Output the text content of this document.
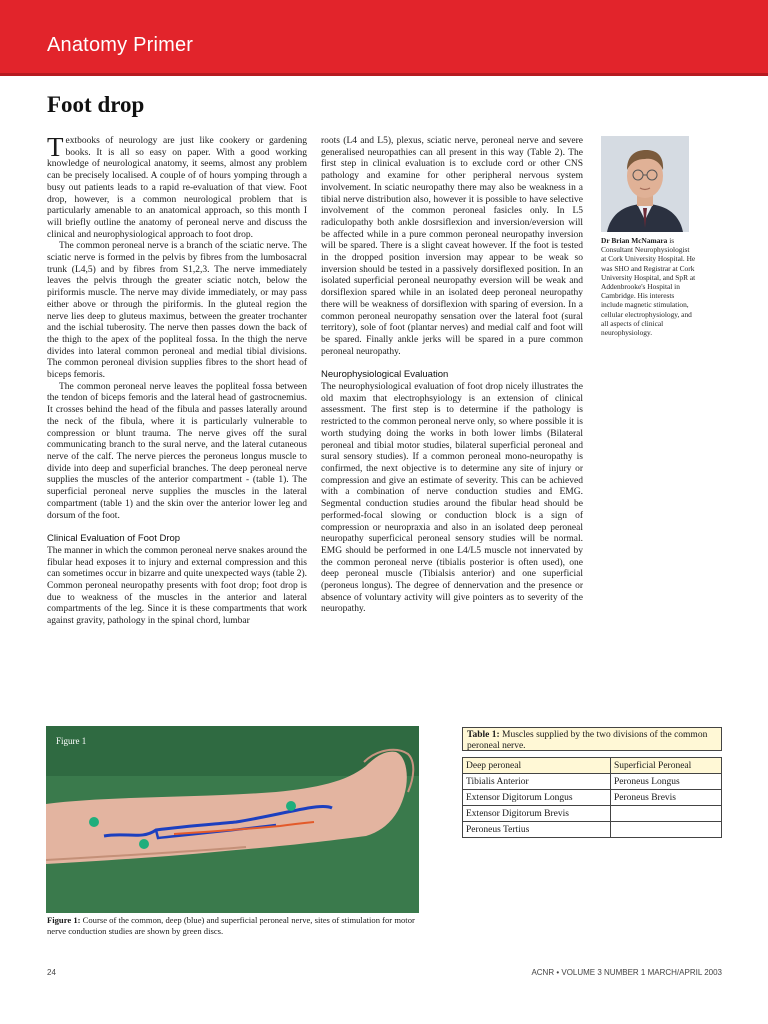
Anatomy Primer
Foot drop

Textbooks of neurology are just like cookery or gardening books. It is all so easy on paper. With a good working knowledge of neurological anatomy, it seems, almost any problem can be precisely localised. A couple of of hours yomping through a busy out patients leads to a rapid re-evaluation of that view. Foot drop, however, is a common neurological problem that is particularly amenable to an anatomical approach, so this month I will briefly outline the anatomy of peroneal nerve and discuss the clinical and neurophysiological approach to foot drop.

The common peroneal nerve is a branch of the sciatic nerve. The sciatic nerve is formed in the pelvis by fibres from the lumbosacral trunk (L4,5) and by fibres from S1,2,3. The nerve immediately leaves the pelvis through the greater sciatic notch, below the piriformis muscle. The nerve may divide immediately, or may pass either above or through the piriformis. In the gluteal region the nerve lies deep to gluteus maximus, between the greater trochanter and the ischial tuberosity. The nerve then passes down the back of the thigh to the apex of the popliteal fossa. In the thigh the nerve divides into lateral common peroneal and medial tibial divisions. The common peroneal division supplies fibres to the short head of biceps femoris.

The common peroneal nerve leaves the popliteal fossa between the tendon of biceps femoris and the lateral head of gastrocnemius. It crosses behind the head of the fibula and passes laterally around the neck of the fibula, where it is particularly vulnerable to compression or blunt trauma. The nerve gives off the sural communicating branch to the sural nerve, and the lateral cutaneous nerve of the calf. The nerve pierces the peroneus longus muscle to divide into deep and superficial branches. The deep peroneal nerve supplies the muscles of the anterior compartment - (table 1). The superficial peroneal nerve supplies the muscles in the lateral compartment (table 1) and the skin over the anterior lower leg and dorsum of the foot.

Clinical Evaluation of Foot Drop

The manner in which the common peroneal nerve snakes around the fibular head exposes it to injury and external compression and this can sometimes occur in bizarre and quite unexpected ways (table 2). Common peroneal neuropathy presents with foot drop; foot drop is due to weakness of the muscles in the anterior and lateral compartments of the leg. Since it is these compartments that work against gravity, pathology in the spinal chord, lumbar

roots (L4 and L5), plexus, sciatic nerve, peroneal nerve and severe generalised neuropathies can all present in this way (Table 2). The first step in clinical evaluation is to exclude cord or other CNS pathology and examine for other peripheral nervous system involvement. In sciatic neuropathy there may also be weakness in a tibial nerve distribution also, however it is possible to have selective involvement of the common peroneal fasicles only. In L5 radiculopathy both ankle dosrsiflexion and inversion/eversion will be affected while in a pure common peroneal neuropathy inversion will be spared. There is a slight caveat however. If the foot is tested in the dropped position inversion may appear to be weak so inversion should be tested in a passively dorsiflexed position. In an isolated superficial peroneal neuropathy eversion will be weak and dorsiflexion spared while in an isolated deep peroneal neuropathy there will be weakness of dorsiflexion with sparing of eversion. In a common peroneal neuropathy sensation over the lateral foot (sural territory), sole of foot (plantar nerves) and medial calf and foot will be spared. Finally ankle jerks will be spared in a pure common peroneal neuropathy.

Neurophysiological Evaluation

The neurophysiological evaluation of foot drop nicely illustrates the old maxim that electrophsyiology is an extension of clinical assessment. The first step is to determine if the pathology is restricted to the common peroneal nerve only, so where possible it is worth studying doing the works in both lower limbs (Bilateral peroneal and tibial motor studies, bilateral superficial peroneal and sural sensory studies). If a common peroneal mono-neuropathy is confirmed, the next objective is to determine any site of injury or compression and give an estimate of severity. This can be achieved with a combination of nerve conduction studies and EMG. Segmental conduction studies around the fibular head should be performed-focal slowing or conduction block is a sign of compression or neuropraxia and also in an isolated deep peroneal neuropathy superficical peroneal sensory studies will be normal. EMG should be performed in one L4/L5 muscle not innervated by the common peroneal nerve (tibialis posterior is often used), one deep peroneal muscle (Tibialsis anterior) and one superficial (peroneus longus). The degree of dennervation and the presence or absence of voluntary activity will give pointers as to severity of the neuropathy.

Dr Brian McNamara is Consultant Neurophysiologist at Cork University Hospital. He was SHO and Registrar at Cork University Hospital, and SpR at Addenbrooke's Hospital in Cambridge. His interests include magnetic stimulation, cellular electrophysiology, and all aspects of clinical neurophysiology.
Figure 1
Figure 1: Course of the common, deep (blue) and superficial peroneal nerve, sites of stimulation for motor nerve conduction studies are shown by green discs.
Table 1: Muscles supplied by the two divisions of the common peroneal nerve.
Deep peroneal	Superficial Peroneal
Tibialis Anterior	Peroneus Longus
Extensor Digitorum Longus	Peroneus Brevis
Extensor Digitorum Brevis	
Peroneus Tertius	
24	ACNR • VOLUME 3 NUMBER 1 MARCH/APRIL 2003
